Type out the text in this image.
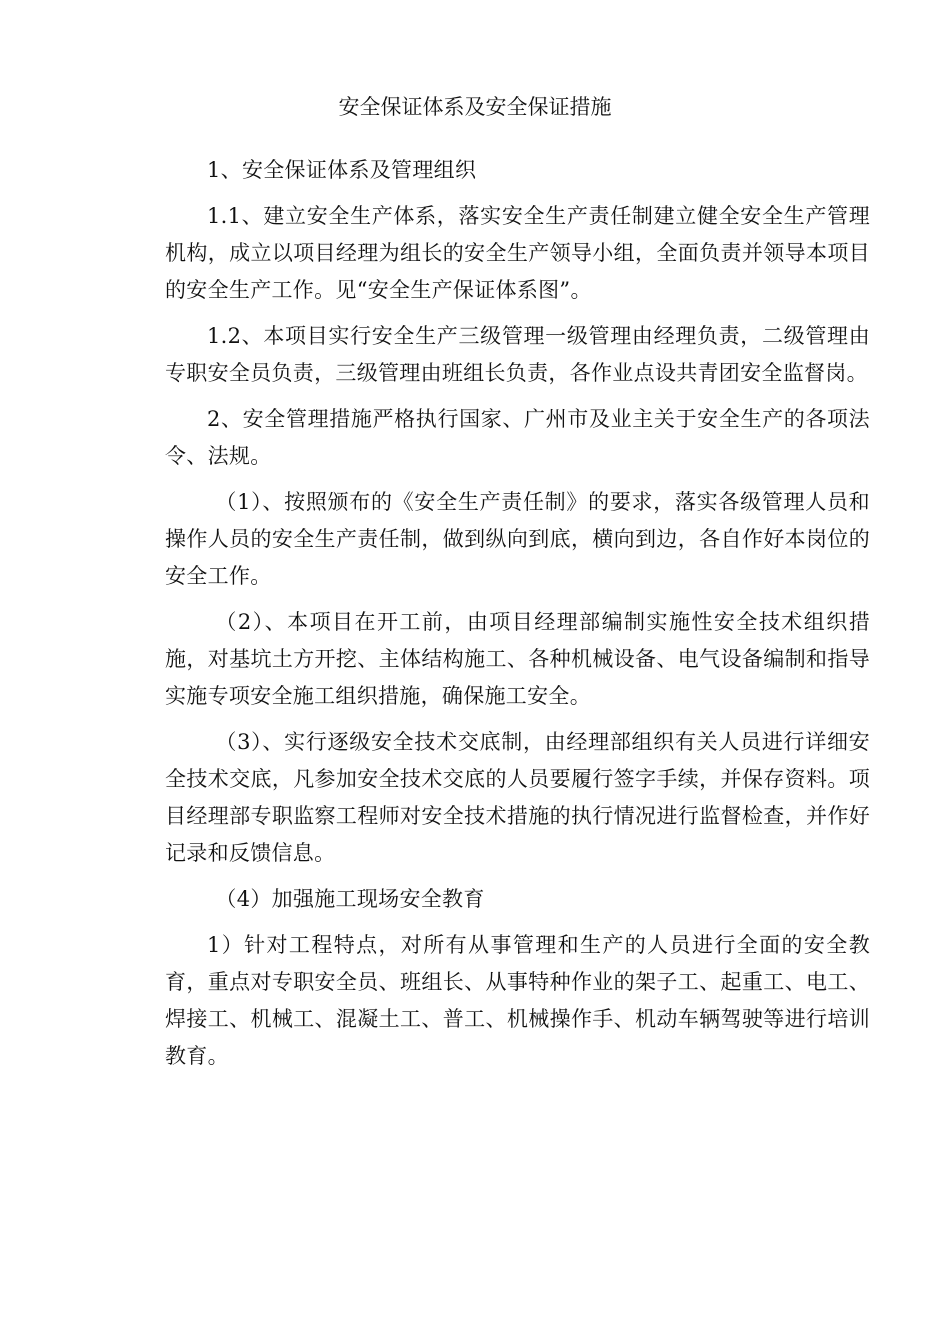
安全保证体系及安全保证措施

1、安全保证体系及管理组织

1.1、建立安全生产体系，落实安全生产责任制建立健全安全生产管理机构，成立以项目经理为组长的安全生产领导小组，全面负责并领导本项目的安全生产工作。见“安全生产保证体系图”。

1.2、本项目实行安全生产三级管理一级管理由经理负责，二级管理由专职安全员负责，三级管理由班组长负责，各作业点设共青团安全监督岗。

2、安全管理措施严格执行国家、广州市及业主关于安全生产的各项法令、法规。

（1）、按照颁布的《安全生产责任制》的要求，落实各级管理人员和操作人员的安全生产责任制，做到纵向到底，横向到边，各自作好本岗位的安全工作。

（2）、本项目在开工前，由项目经理部编制实施性安全技术组织措施，对基坑土方开挖、主体结构施工、各种机械设备、电气设备编制和指导实施专项安全施工组织措施，确保施工安全。

（3）、实行逐级安全技术交底制，由经理部组织有关人员进行详细安全技术交底，凡参加安全技术交底的人员要履行签字手续，并保存资料。项目经理部专职监察工程师对安全技术措施的执行情况进行监督检查，并作好记录和反馈信息。

（4）加强施工现场安全教育

1）针对工程特点，对所有从事管理和生产的人员进行全面的安全教育，重点对专职安全员、班组长、从事特种作业的架子工、起重工、电工、焊接工、机械工、混凝土工、普工、机械操作手、机动车辆驾驶等进行培训教育。
